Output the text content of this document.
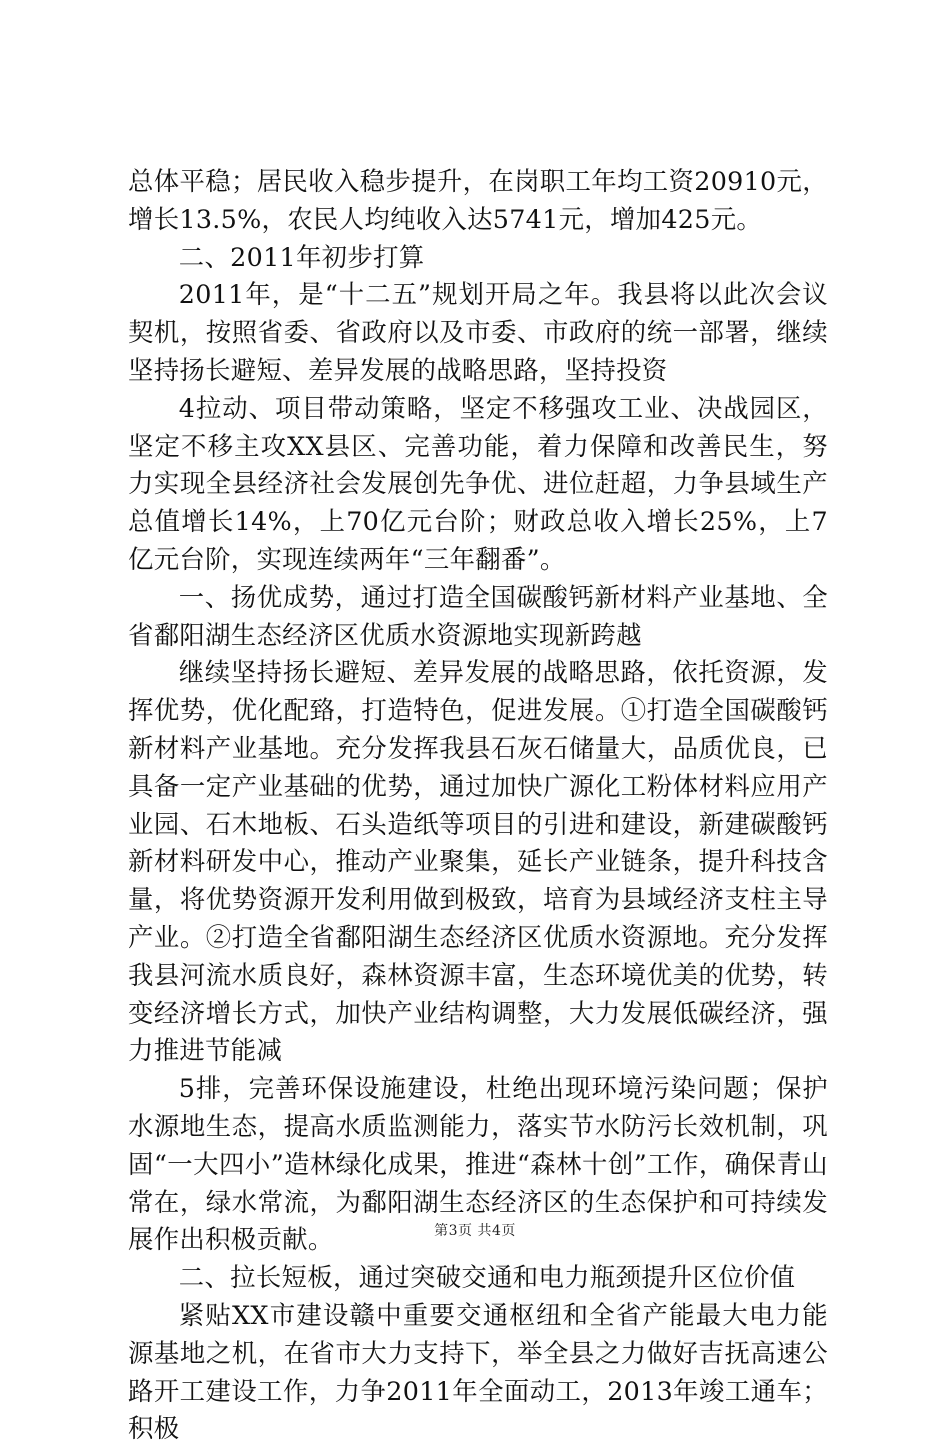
总体平稳；居民收入稳步提升，在岗职工年均工资20910元，增长13.5%，农民人均纯收入达5741元，增加425元。

二、2011年初步打算

2011年，是“十二五”规划开局之年。我县将以此次会议契机，按照省委、省政府以及市委、市政府的统一部署，继续坚持扬长避短、差异发展的战略思路，坚持投资

4拉动、项目带动策略，坚定不移强攻工业、决战园区，坚定不移主攻XX县区、完善功能，着力保障和改善民生，努力实现全县经济社会发展创先争优、进位赶超，力争县域生产总值增长14%，上70亿元台阶；财政总收入增长25%，上7亿元台阶，实现连续两年“三年翻番”。

一、扬优成势，通过打造全国碳酸钙新材料产业基地、全省鄱阳湖生态经济区优质水资源地实现新跨越

继续坚持扬长避短、差异发展的战略思路，依托资源，发挥优势，优化配臵，打造特色，促进发展。①打造全国碳酸钙新材料产业基地。充分发挥我县石灰石储量大，品质优良，已具备一定产业基础的优势，通过加快广源化工粉体材料应用产业园、石木地板、石头造纸等项目的引进和建设，新建碳酸钙新材料研发中心，推动产业聚集，延长产业链条，提升科技含量，将优势资源开发利用做到极致，培育为县域经济支柱主导产业。②打造全省鄱阳湖生态经济区优质水资源地。充分发挥我县河流水质良好，森林资源丰富，生态环境优美的优势，转变经济增长方式，加快产业结构调整，大力发展低碳经济，强力推进节能减

5排，完善环保设施建设，杜绝出现环境污染问题；保护水源地生态，提高水质监测能力，落实节水防污长效机制，巩固“一大四小”造林绿化成果，推进“森林十创”工作，确保青山常在，绿水常流，为鄱阳湖生态经济区的生态保护和可持续发展作出积极贡献。

二、拉长短板，通过突破交通和电力瓶颈提升区位价值

紧贴XX市建设赣中重要交通枢纽和全省产能最大电力能源基地之机，在省市大力支持下，举全县之力做好吉抚高速公路开工建设工作，力争2011年全面动工，2013年竣工通车；积极

第3页 共4页
